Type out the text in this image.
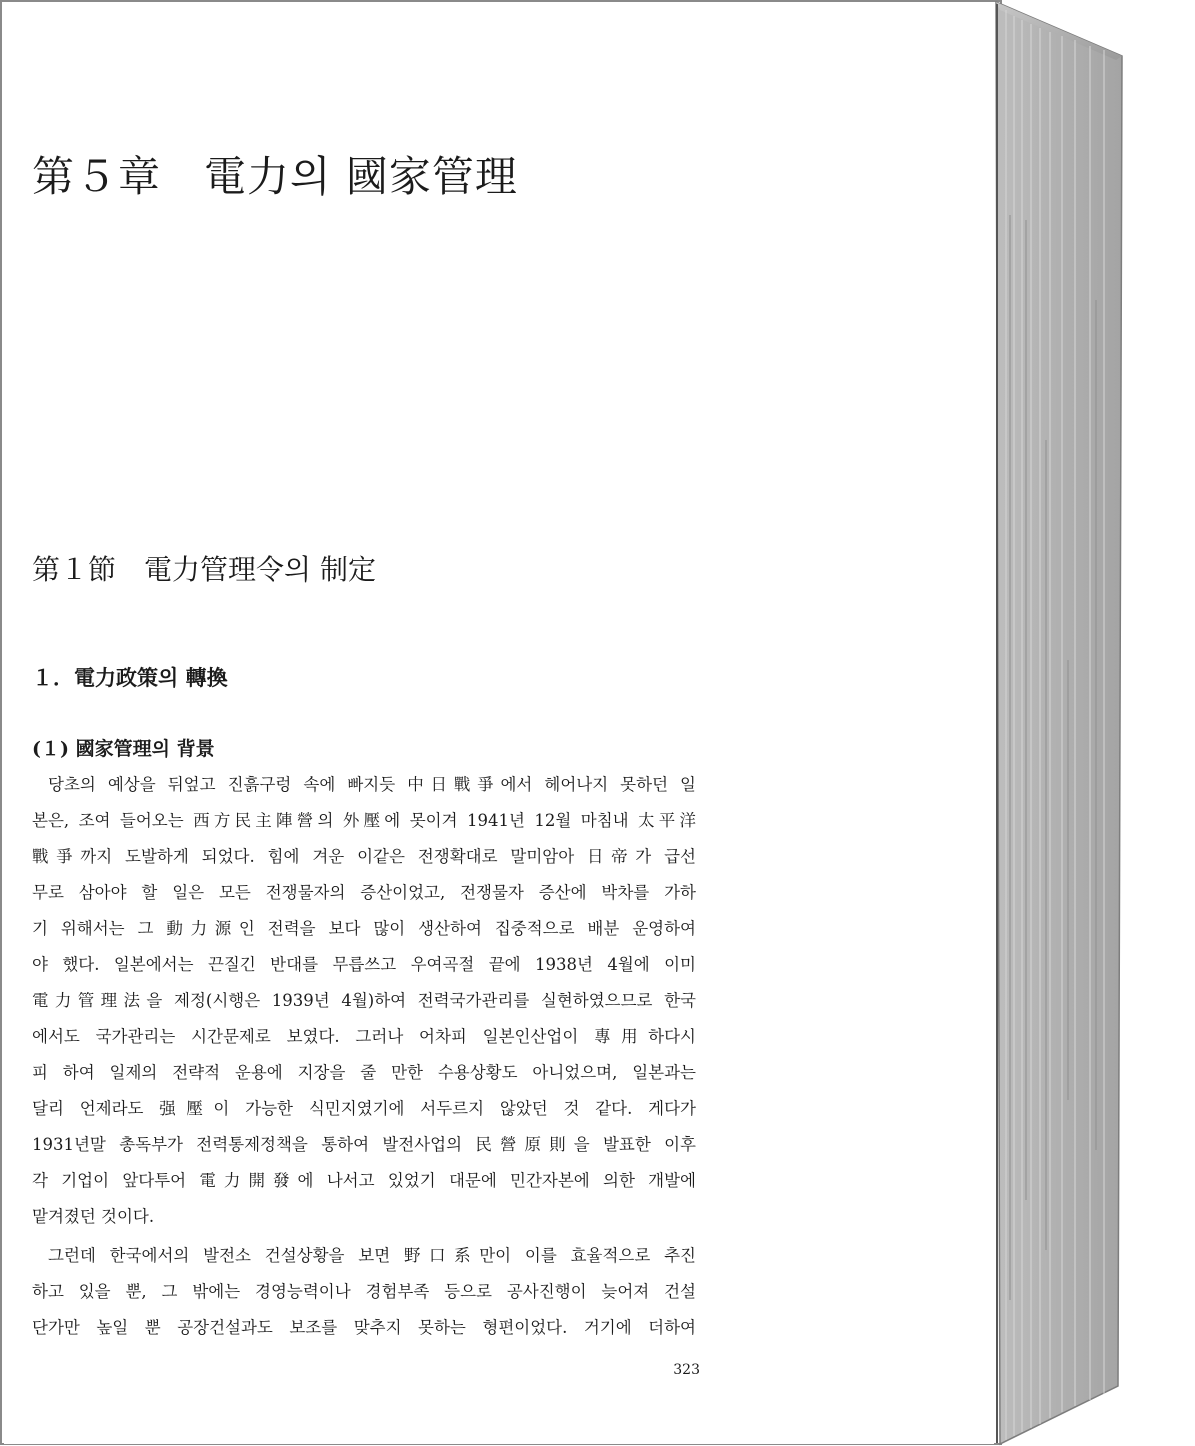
第５章　電力의 國家管理
第１節　電力管理令의 制定
１．電力政策의 轉換
(１) 國家管理의 背景
당초의 예상을 뒤엎고 진흙구렁 속에 빠지듯 中日戰爭에서 헤어나지 못하던 일
본은, 조여 들어오는 西方民主陣營의 外壓에 못이겨 1941년 12월 마침내 太平洋
戰爭까지 도발하게 되었다. 힘에 겨운 이같은 전쟁확대로 말미암아 日帝가 급선
무로 삼아야 할 일은 모든 전쟁물자의 증산이었고, 전쟁물자 증산에 박차를 가하
기 위해서는 그 動力源인 전력을 보다 많이 생산하여 집중적으로 배분 운영하여
야 했다. 일본에서는 끈질긴 반대를 무릅쓰고 우여곡절 끝에 1938년 4월에 이미
電力管理法을 제정(시행은 1939년 4월)하여 전력국가관리를 실현하였으므로 한국
에서도 국가관리는 시간문제로 보였다. 그러나 어차피 일본인산업이 專用하다시
피 하여 일제의 전략적 운용에 지장을 줄 만한 수용상황도 아니었으며, 일본과는
달리 언제라도 强壓이 가능한 식민지였기에 서두르지 않았던 것 같다. 게다가
1931년말 총독부가 전력통제정책을 통하여 발전사업의 民營原則을 발표한 이후
각 기업이 앞다투어 電力開發에 나서고 있었기 대문에 민간자본에 의한 개발에
맡겨졌던 것이다.
그런데 한국에서의 발전소 건설상황을 보면 野口系만이 이를 효율적으로 추진
하고 있을 뿐, 그 밖에는 경영능력이나 경험부족 등으로 공사진행이 늦어져 건설
단가만 높일 뿐 공장건설과도 보조를 맞추지 못하는 형편이었다. 거기에 더하여
323
